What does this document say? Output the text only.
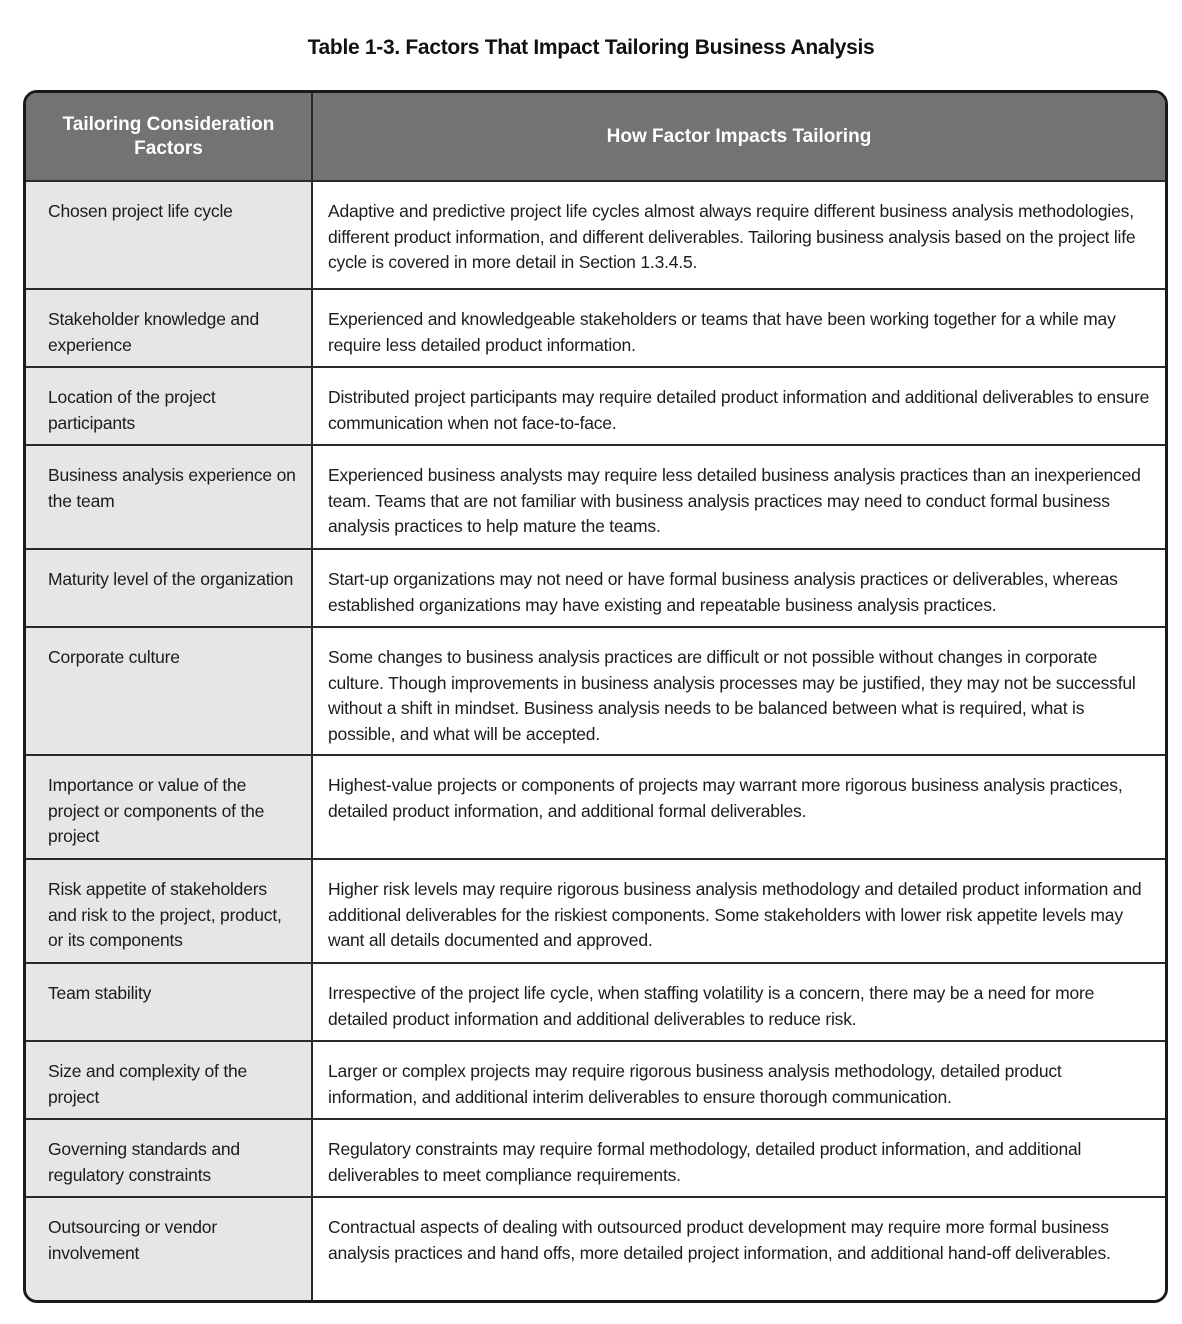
Table 1-3. Factors That Impact Tailoring Business Analysis
Tailoring Consideration Factors	How Factor Impacts Tailoring
Chosen project life cycle	Adaptive and predictive project life cycles almost always require different business analysis methodologies, different product information, and different deliverables. Tailoring business analysis based on the project life cycle is covered in more detail in Section 1.3.4.5.
Stakeholder knowledge and experience	Experienced and knowledgeable stakeholders or teams that have been working together for a while may require less detailed product information.
Location of the project participants	Distributed project participants may require detailed product information and additional deliverables to ensure communication when not face-to-face.
Business analysis experience on the team	Experienced business analysts may require less detailed business analysis practices than an inexperienced team. Teams that are not familiar with business analysis practices may need to conduct formal business analysis practices to help mature the teams.
Maturity level of the organization	Start-up organizations may not need or have formal business analysis practices or deliverables, whereas established organizations may have existing and repeatable business analysis practices.
Corporate culture	Some changes to business analysis practices are difficult or not possible without changes in corporate culture. Though improvements in business analysis processes may be justified, they may not be successful without a shift in mindset. Business analysis needs to be balanced between what is required, what is possible, and what will be accepted.
Importance or value of the project or components of the project	Highest-value projects or components of projects may warrant more rigorous business analysis practices, detailed product information, and additional formal deliverables.
Risk appetite of stakeholders and risk to the project, product, or its components	Higher risk levels may require rigorous business analysis methodology and detailed product information and additional deliverables for the riskiest components. Some stakeholders with lower risk appetite levels may want all details documented and approved.
Team stability	Irrespective of the project life cycle, when staffing volatility is a concern, there may be a need for more detailed product information and additional deliverables to reduce risk.
Size and complexity of the project	Larger or complex projects may require rigorous business analysis methodology, detailed product information, and additional interim deliverables to ensure thorough communication.
Governing standards and regulatory constraints	Regulatory constraints may require formal methodology, detailed product information, and additional deliverables to meet compliance requirements.
Outsourcing or vendor involvement	Contractual aspects of dealing with outsourced product development may require more formal business analysis practices and hand offs, more detailed project information, and additional hand-off deliverables.
